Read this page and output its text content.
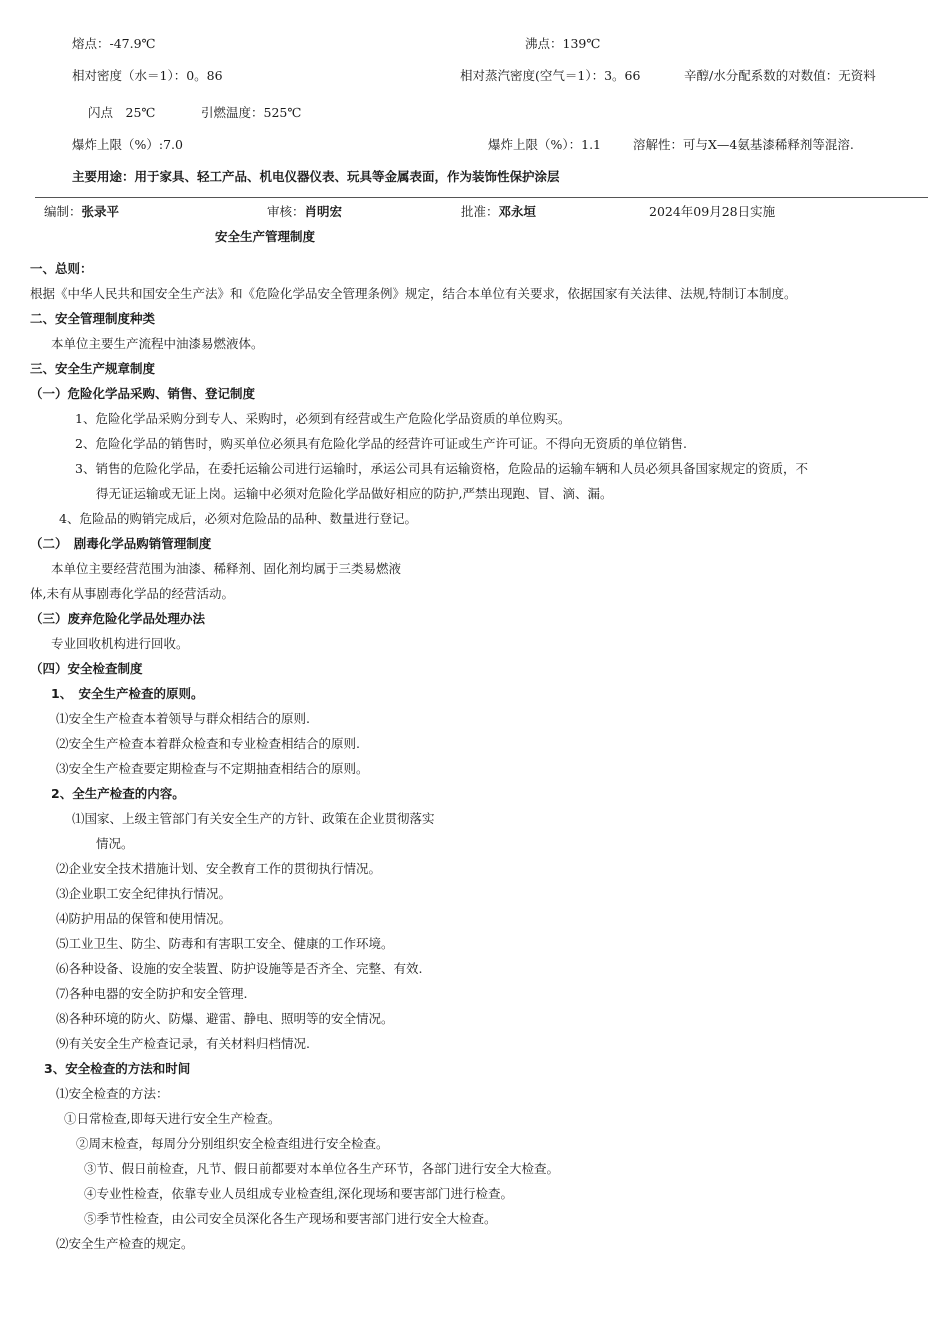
熔点：-47.9℃	沸点：139℃
相对密度（水＝1）：0。86	相对蒸汽密度(空气＝1）：3。66	辛醇/水分配系数的对数值：无资料
闪点　25℃	引燃温度：525℃
爆炸上限（%）:7.0	爆炸上限（%）：1.1	溶解性：可与X—4氨基漆稀释剂等混溶.
主要用途：用于家具、轻工产品、机电仪器仪表、玩具等金属表面，作为装饰性保护涂层
编制：张录平	审核：肖明宏	批准：邓永垣	2024年09月28日实施
安全生产管理制度
一、总则：
根据《中华人民共和国安全生产法》和《危险化学品安全管理条例》规定，结合本单位有关要求，依据国家有关法律、法规,特制订本制度。
二、安全管理制度种类
本单位主要生产流程中油漆易燃液体。
三、安全生产规章制度
（一）危险化学品采购、销售、登记制度
1、危险化学品采购分到专人、采购时，必须到有经营或生产危险化学品资质的单位购买。
2、危险化学品的销售时，购买单位必须具有危险化学品的经营许可证或生产许可证。不得向无资质的单位销售.
3、销售的危险化学品，在委托运输公司进行运输时，承运公司具有运输资格，危险品的运输车辆和人员必须具备国家规定的资质，不
得无证运输或无证上岗。运输中必须对危险化学品做好相应的防护,严禁出现跑、冒、滴、漏。
4、危险品的购销完成后，必须对危险品的品种、数量进行登记。
（二）　剧毒化学品购销管理制度
本单位主要经营范围为油漆、稀释剂、固化剂均属于三类易燃液
体,未有从事剧毒化学品的经营活动。
（三）废弃危险化学品处理办法
专业回收机构进行回收。
（四）安全检查制度
1、　安全生产检查的原则。
⑴安全生产检查本着领导与群众相结合的原则.
⑵安全生产检查本着群众检查和专业检查相结合的原则.
⑶安全生产检查要定期检查与不定期抽查相结合的原则。
2、全生产检查的内容。
⑴国家、上级主管部门有关安全生产的方针、政策在企业贯彻落实
情况。
⑵企业安全技术措施计划、安全教育工作的贯彻执行情况。
⑶企业职工安全纪律执行情况。
⑷防护用品的保管和使用情况。
⑸工业卫生、防尘、防毒和有害职工安全、健康的工作环境。
⑹各种设备、设施的安全装置、防护设施等是否齐全、完整、有效.
⑺各种电器的安全防护和安全管理.
⑻各种环境的防火、防爆、避雷、静电、照明等的安全情况。
⑼有关安全生产检查记录，有关材料归档情况.
3、安全检查的方法和时间
⑴安全检查的方法：
①日常检查,即每天进行安全生产检查。
②周末检查，每周分分别组织安全检查组进行安全检查。
③节、假日前检查，凡节、假日前都要对本单位各生产环节，各部门进行安全大检查。
④专业性检查，依靠专业人员组成专业检查组,深化现场和要害部门进行检查。
⑤季节性检查，由公司安全员深化各生产现场和要害部门进行安全大检查。
⑵安全生产检查的规定。
